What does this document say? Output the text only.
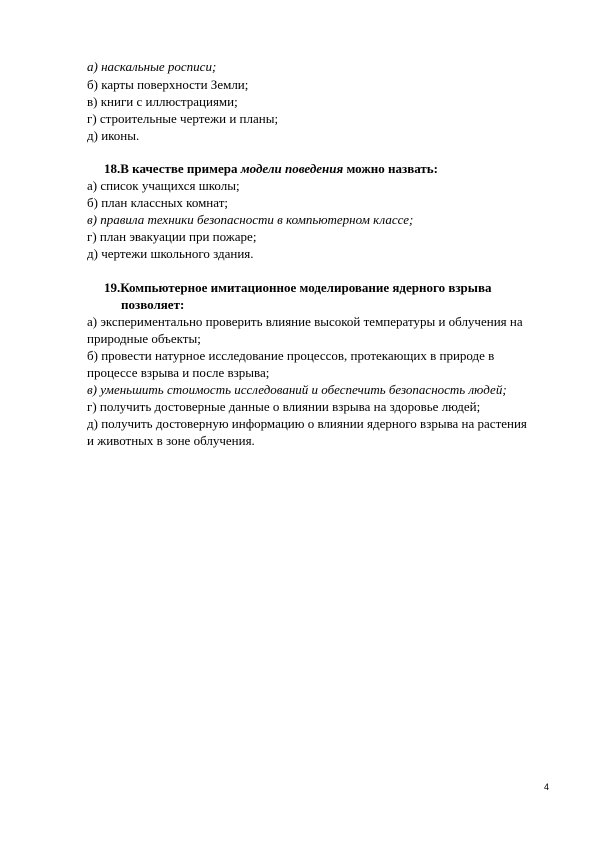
а) наскальные росписи;
б) карты поверхности Земли;
в) книги с иллюстрациями;
г) строительные чертежи и планы;
д) иконы.
18.В качестве примера модели поведения можно назвать:
а) список учащихся школы;
б) план классных комнат;
в) правила техники безопасности в компьютерном классе;
г) план эвакуации при пожаре;
д) чертежи школьного здания.
19.Компьютерное имитационное моделирование ядерного взрыва
позволяет:
а) экспериментально проверить влияние высокой температуры и облучения на
природные объекты;
б) провести натурное исследование процессов, протекающих в природе в
процессе взрыва и после взрыва;
в) уменьшить стоимость исследований и обеспечить безопасность людей;
г) получить достоверные данные о влиянии взрыва на здоровье людей;
д) получить достоверную информацию о влиянии ядерного взрыва на растения
и животных в зоне облучения.
4
